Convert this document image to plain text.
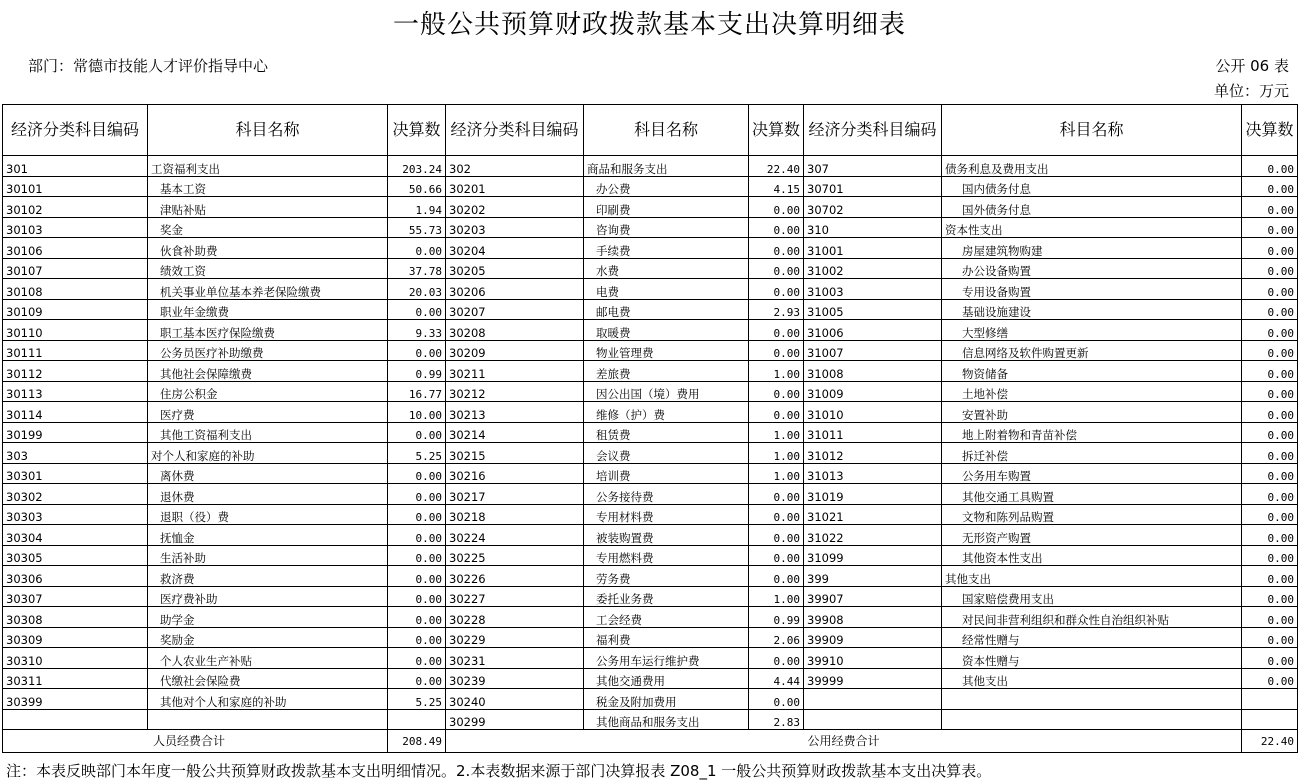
一般公共预算财政拨款基本支出决算明细表
部门：常德市技能人才评价指导中心	公开 06 表
单位：万元
经济分类科目编码	科目名称	决算数	经济分类科目编码	科目名称	决算数	经济分类科目编码	科目名称	决算数
301	工资福利支出	203.24	302	商品和服务支出	22.40	307	债务利息及费用支出	0.00
30101	基本工资	50.66	30201	办公费	4.15	30701	国内债务付息	0.00
30102	津贴补贴	1.94	30202	印刷费	0.00	30702	国外债务付息	0.00
30103	奖金	55.73	30203	咨询费	0.00	310	资本性支出	0.00
30106	伙食补助费	0.00	30204	手续费	0.00	31001	房屋建筑物购建	0.00
30107	绩效工资	37.78	30205	水费	0.00	31002	办公设备购置	0.00
30108	机关事业单位基本养老保险缴费	20.03	30206	电费	0.00	31003	专用设备购置	0.00
30109	职业年金缴费	0.00	30207	邮电费	2.93	31005	基础设施建设	0.00
30110	职工基本医疗保险缴费	9.33	30208	取暖费	0.00	31006	大型修缮	0.00
30111	公务员医疗补助缴费	0.00	30209	物业管理费	0.00	31007	信息网络及软件购置更新	0.00
30112	其他社会保障缴费	0.99	30211	差旅费	1.00	31008	物资储备	0.00
30113	住房公积金	16.77	30212	因公出国（境）费用	0.00	31009	土地补偿	0.00
30114	医疗费	10.00	30213	维修（护）费	0.00	31010	安置补助	0.00
30199	其他工资福利支出	0.00	30214	租赁费	1.00	31011	地上附着物和青苗补偿	0.00
303	对个人和家庭的补助	5.25	30215	会议费	1.00	31012	拆迁补偿	0.00
30301	离休费	0.00	30216	培训费	1.00	31013	公务用车购置	0.00
30302	退休费	0.00	30217	公务接待费	0.00	31019	其他交通工具购置	0.00
30303	退职（役）费	0.00	30218	专用材料费	0.00	31021	文物和陈列品购置	0.00
30304	抚恤金	0.00	30224	被装购置费	0.00	31022	无形资产购置	0.00
30305	生活补助	0.00	30225	专用燃料费	0.00	31099	其他资本性支出	0.00
30306	救济费	0.00	30226	劳务费	0.00	399	其他支出	0.00
30307	医疗费补助	0.00	30227	委托业务费	1.00	39907	国家赔偿费用支出	0.00
30308	助学金	0.00	30228	工会经费	0.99	39908	对民间非营利组织和群众性自治组织补贴	0.00
30309	奖励金	0.00	30229	福利费	2.06	39909	经常性赠与	0.00
30310	个人农业生产补贴	0.00	30231	公务用车运行维护费	0.00	39910	资本性赠与	0.00
30311	代缴社会保险费	0.00	30239	其他交通费用	4.44	39999	其他支出	0.00
30399	其他对个人和家庭的补助	5.25	30240	税金及附加费用	0.00			
			30299	其他商品和服务支出	2.83			
人员经费合计		208.49	公用经费合计					22.40
注：本表反映部门本年度一般公共预算财政拨款基本支出明细情况。2.本表数据来源于部门决算报表 Z08_1 一般公共预算财政拨款基本支出决算表。
